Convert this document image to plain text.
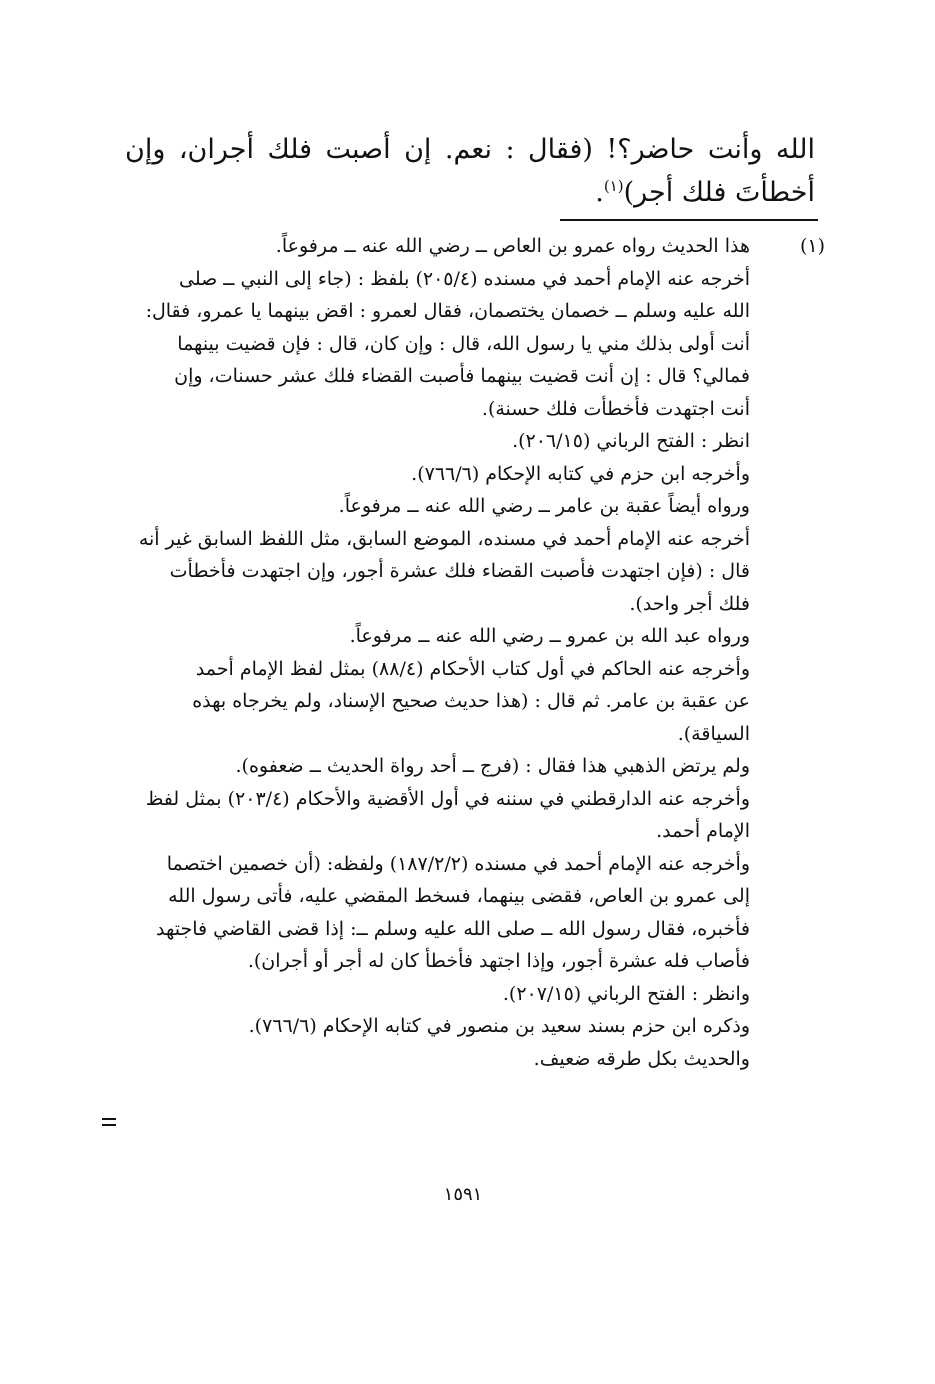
الله وأنت حاضر؟! (فقال : نعم. إن أصبت فلك أجران، وإن أخطأتَ فلك أجر)$^{(١)}$.

(١)
هذا الحديث رواه عمرو بن العاص ــ رضي الله عنه ــ مرفوعاً.
أخرجه عنه الإمام أحمد في مسنده (٢٠٥/٤) بلفظ : (جاء إلى النبي ــ صلى
الله عليه وسلم ــ خصمان يختصمان، فقال لعمرو : اقض بينهما يا عمرو، فقال:
أنت أولى بذلك مني يا رسول الله، قال : وإن كان، قال : فإن قضيت بينهما
فمالي؟ قال : إن أنت قضيت بينهما فأصبت القضاء فلك عشر حسنات، وإن
أنت اجتهدت فأخطأت فلك حسنة).
انظر : الفتح الرباني (٢٠٦/١٥).
وأخرجه ابن حزم في كتابه الإحكام (٧٦٦/٦).
ورواه أيضاً عقبة بن عامر ــ رضي الله عنه ــ مرفوعاً.
أخرجه عنه الإمام أحمد في مسنده، الموضع السابق، مثل اللفظ السابق غير أنه
قال : (فإن اجتهدت فأصبت القضاء فلك عشرة أجور، وإن اجتهدت فأخطأت
فلك أجر واحد).
ورواه عبد الله بن عمرو ــ رضي الله عنه ــ مرفوعاً.
وأخرجه عنه الحاكم في أول كتاب الأحكام (٨٨/٤) بمثل لفظ الإمام أحمد
عن عقبة بن عامر. ثم قال : (هذا حديث صحيح الإسناد، ولم يخرجاه بهذه
السياقة).
ولم يرتض الذهبي هذا فقال : (فرج ــ أحد رواة الحديث ــ ضعفوه).
وأخرجه عنه الدارقطني في سننه في أول الأقضية والأحكام (٢٠٣/٤) بمثل لفظ
الإمام أحمد.
وأخرجه عنه الإمام أحمد في مسنده (١٨٧/٢/٢) ولفظه: (أن خصمين اختصما
إلى عمرو بن العاص، فقضى بينهما، فسخط المقضي عليه، فأتى رسول الله
فأخبره، فقال رسول الله ــ صلى الله عليه وسلم ــ: إذا قضى القاضي فاجتهد
فأصاب فله عشرة أجور، وإذا اجتهد فأخطأ كان له أجر أو أجران).
وانظر : الفتح الرباني (٢٠٧/١٥).
وذكره ابن حزم بسند سعيد بن منصور في كتابه الإحكام (٧٦٦/٦).
والحديث بكل طرقه ضعيف.
١٥٩١
